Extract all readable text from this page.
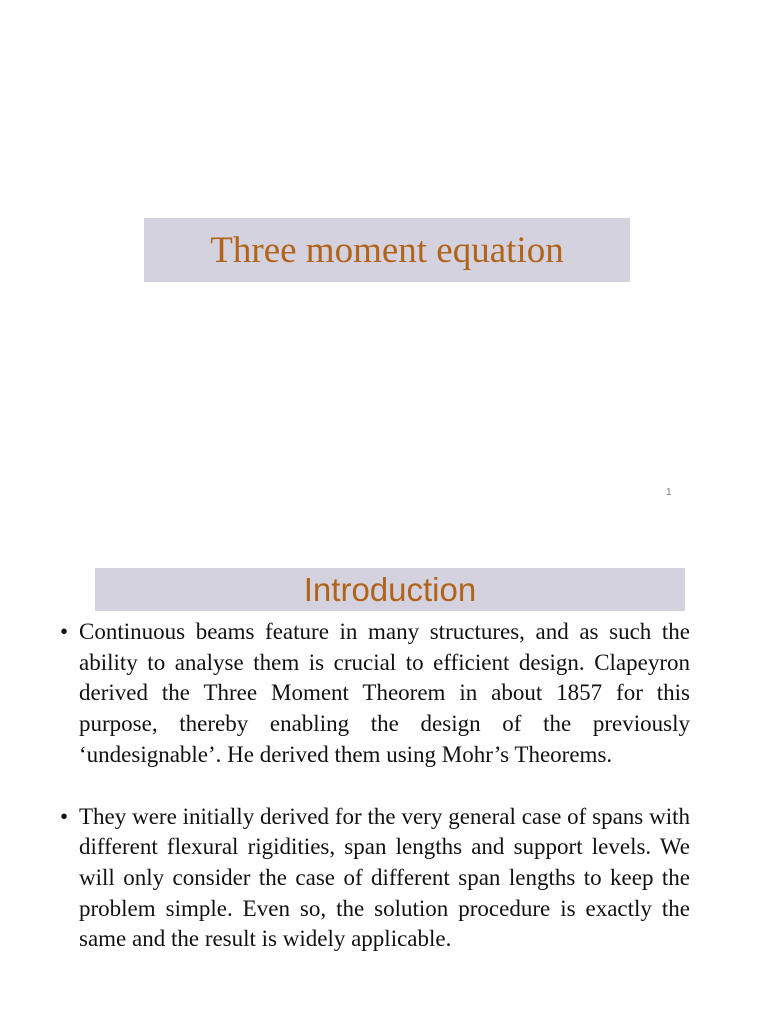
Three moment equation
1
Introduction
• Continuous beams feature in many structures, and as such the ability to analyse them is crucial to efficient design. Clapeyron derived the Three Moment Theorem in about 1857 for this purpose, thereby enabling the design of the previously ‘undesignable’. He derived them using Mohr’s Theorems.
• They were initially derived for the very general case of spans with different flexural rigidities, span lengths and support levels. We will only consider the case of different span lengths to keep the problem simple. Even so, the solution procedure is exactly the same and the result is widely applicable.
